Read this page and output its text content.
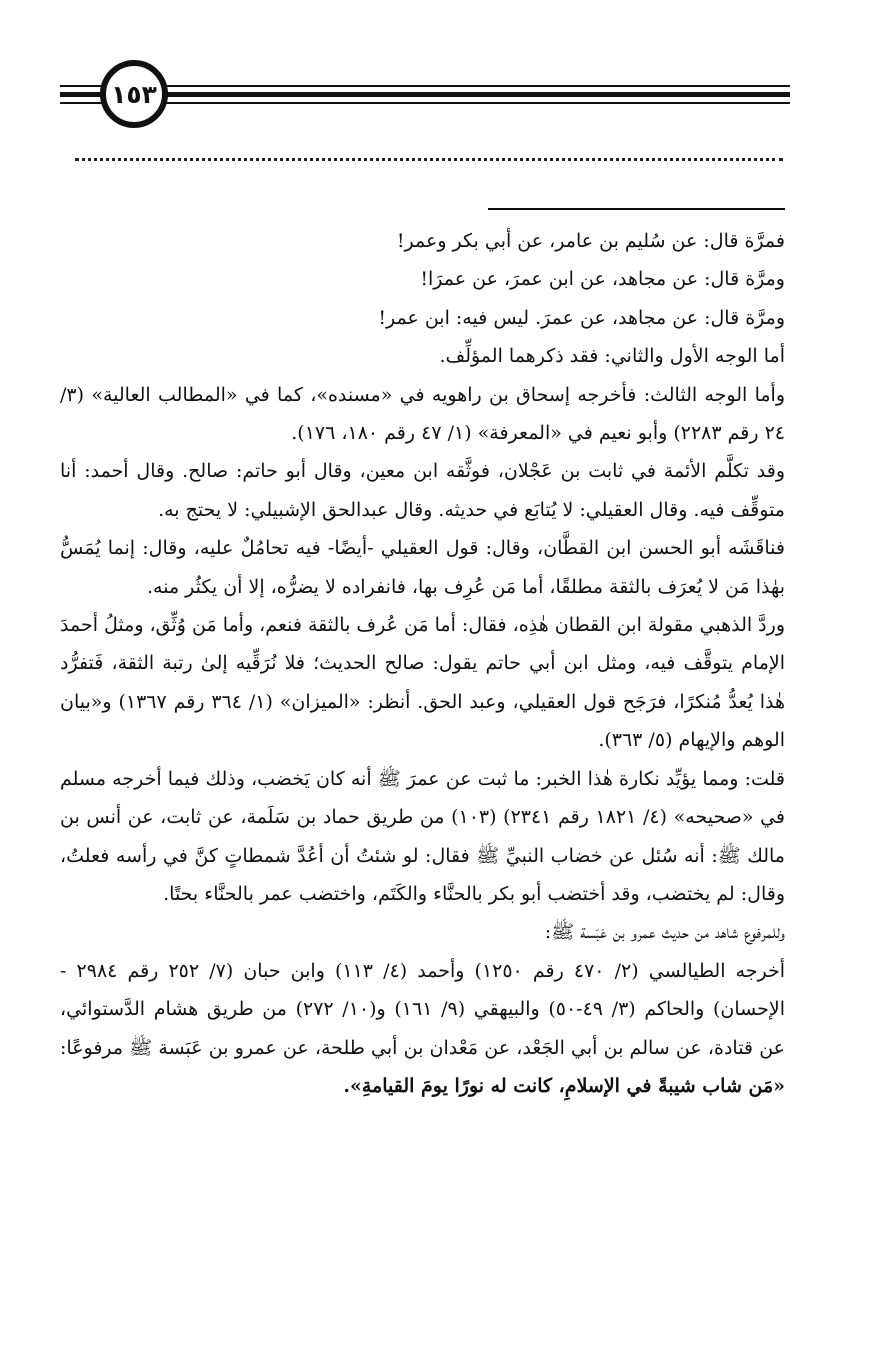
١٥٣

فمرَّة قال: عن سُليم بن عامر، عن أبي بكر وعمر!

ومرَّة قال: عن مجاهد، عن ابن عمرَ، عن عمرَا!

ومرَّة قال: عن مجاهد، عن عمرَ. ليس فيه: ابن عمر!

أما الوجه الأول والثاني: فقد ذكرهما المؤلِّف.

وأما الوجه الثالث: فأخرجه إسحاق بن راهويه في «مسنده»، كما في «المطالب العالية» (٣/ ٢٤ رقم ٢٢٨٣) وأبو نعيم في «المعرفة» (١/ ٤٧ رقم ١٨٠، ١٧٦).

وقد تكلَّم الأئمة في ثابت بن عَجْلان، فوثَّقه ابن معين، وقال أبو حاتم: صالح. وقال أحمد: أنا متوقِّف فيه. وقال العقيلي: لا يُتابَع في حديثه. وقال عبدالحق الإشبيلي: لا يحتج به.

فناقَشَه أبو الحسن ابن القطَّان، وقال: قول العقيلي -أيضًا- فيه تحامُلٌ عليه، وقال: إنما يُمَسُّ بهٰذا مَن لا يُعرَف بالثقة مطلقًا، أما مَن عُرِف بها، فانفراده لا يضرُّه، إلا أن يكثُر منه.

وردَّ الذهبي مقولة ابن القطان هٰذِه، فقال: أما مَن عُرف بالثقة فنعم، وأما مَن وُثِّق، ومثلُ أحمدَ الإمام يتوقَّف فيه، ومثل ابن أبي حاتم يقول: صالح الحديث؛ فلا نُرَقِّيه إلىٰ رتبة الثقة، فَتفرُّد هٰذا يُعدُّ مُنكرًا، فرَجَح قول العقيلي، وعبد الحق. أنظر: «الميزان» (١/ ٣٦٤ رقم ١٣٦٧) و«بيان الوهم والإيهام (٥/ ٣٦٣).

قلت: ومما يؤيِّد نكارة هٰذا الخبر: ما ثبت عن عمرَ ﷺ أنه كان يَخضب، وذلك فيما أخرجه مسلم في «صحيحه» (٤/ ١٨٢١ رقم ٢٣٤١) (١٠٣) من طريق حماد بن سَلَمة، عن ثابت، عن أنس بن مالك ﷺ: أنه سُئل عن خضاب النبيِّ ﷺ فقال: لو شئتُ أن أعُدَّ شمطاتٍ كنَّ في رأسه فعلتُ، وقال: لم يختضب، وقد أختضب أبو بكر بالحنَّاء والكَتَم، واختضب عمر بالحنَّاء بحتًا.

وللمرفوع شاهد من حديث عمرو بن عَبَسة ﷺ:

أخرجه الطيالسي (٢/ ٤٧٠ رقم ١٢٥٠) وأحمد (٤/ ١١٣) وابن حبان (٧/ ٢٥٢ رقم ٢٩٨٤ - الإحسان) والحاكم (٣/ ٤٩-٥٠) والبيهقي (٩/ ١٦١) و(١٠/ ٢٧٢) من طريق هشام الدَّستوائي، عن قتادة، عن سالم بن أبي الجَعْد، عن مَعْدان بن أبي طلحة، عن عمرو بن عَبَسة ﷺ مرفوعًا: «مَن شاب شيبةً في الإسلامِ، كانت له نورًا يومَ القيامةِ».
